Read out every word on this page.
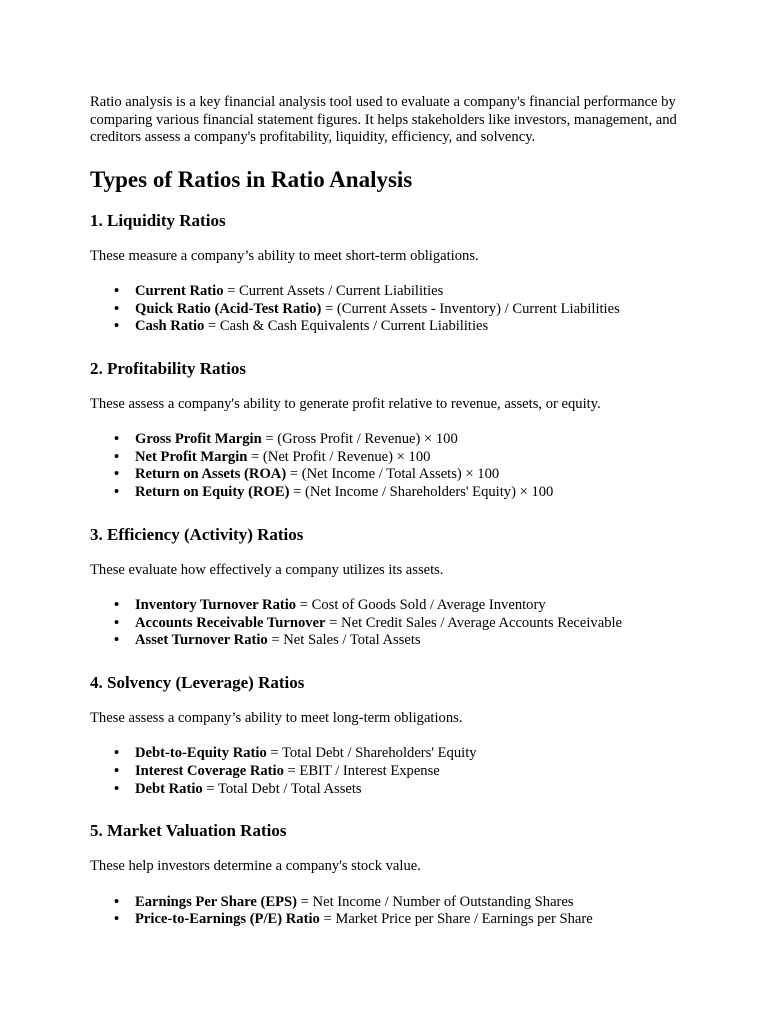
Ratio analysis is a key financial analysis tool used to evaluate a company's financial performance by comparing various financial statement figures. It helps stakeholders like investors, management, and creditors assess a company's profitability, liquidity, efficiency, and solvency.

Types of Ratios in Ratio Analysis
1. Liquidity Ratios

These measure a company’s ability to meet short-term obligations.

• Current Ratio = Current Assets / Current Liabilities
• Quick Ratio (Acid-Test Ratio) = (Current Assets - Inventory) / Current Liabilities
• Cash Ratio = Cash & Cash Equivalents / Current Liabilities
2. Profitability Ratios

These assess a company's ability to generate profit relative to revenue, assets, or equity.

• Gross Profit Margin = (Gross Profit / Revenue) × 100
• Net Profit Margin = (Net Profit / Revenue) × 100
• Return on Assets (ROA) = (Net Income / Total Assets) × 100
• Return on Equity (ROE) = (Net Income / Shareholders' Equity) × 100
3. Efficiency (Activity) Ratios

These evaluate how effectively a company utilizes its assets.

• Inventory Turnover Ratio = Cost of Goods Sold / Average Inventory
• Accounts Receivable Turnover = Net Credit Sales / Average Accounts Receivable
• Asset Turnover Ratio = Net Sales / Total Assets
4. Solvency (Leverage) Ratios

These assess a company’s ability to meet long-term obligations.

• Debt-to-Equity Ratio = Total Debt / Shareholders' Equity
• Interest Coverage Ratio = EBIT / Interest Expense
• Debt Ratio = Total Debt / Total Assets
5. Market Valuation Ratios

These help investors determine a company's stock value.

• Earnings Per Share (EPS) = Net Income / Number of Outstanding Shares
• Price-to-Earnings (P/E) Ratio = Market Price per Share / Earnings per Share
